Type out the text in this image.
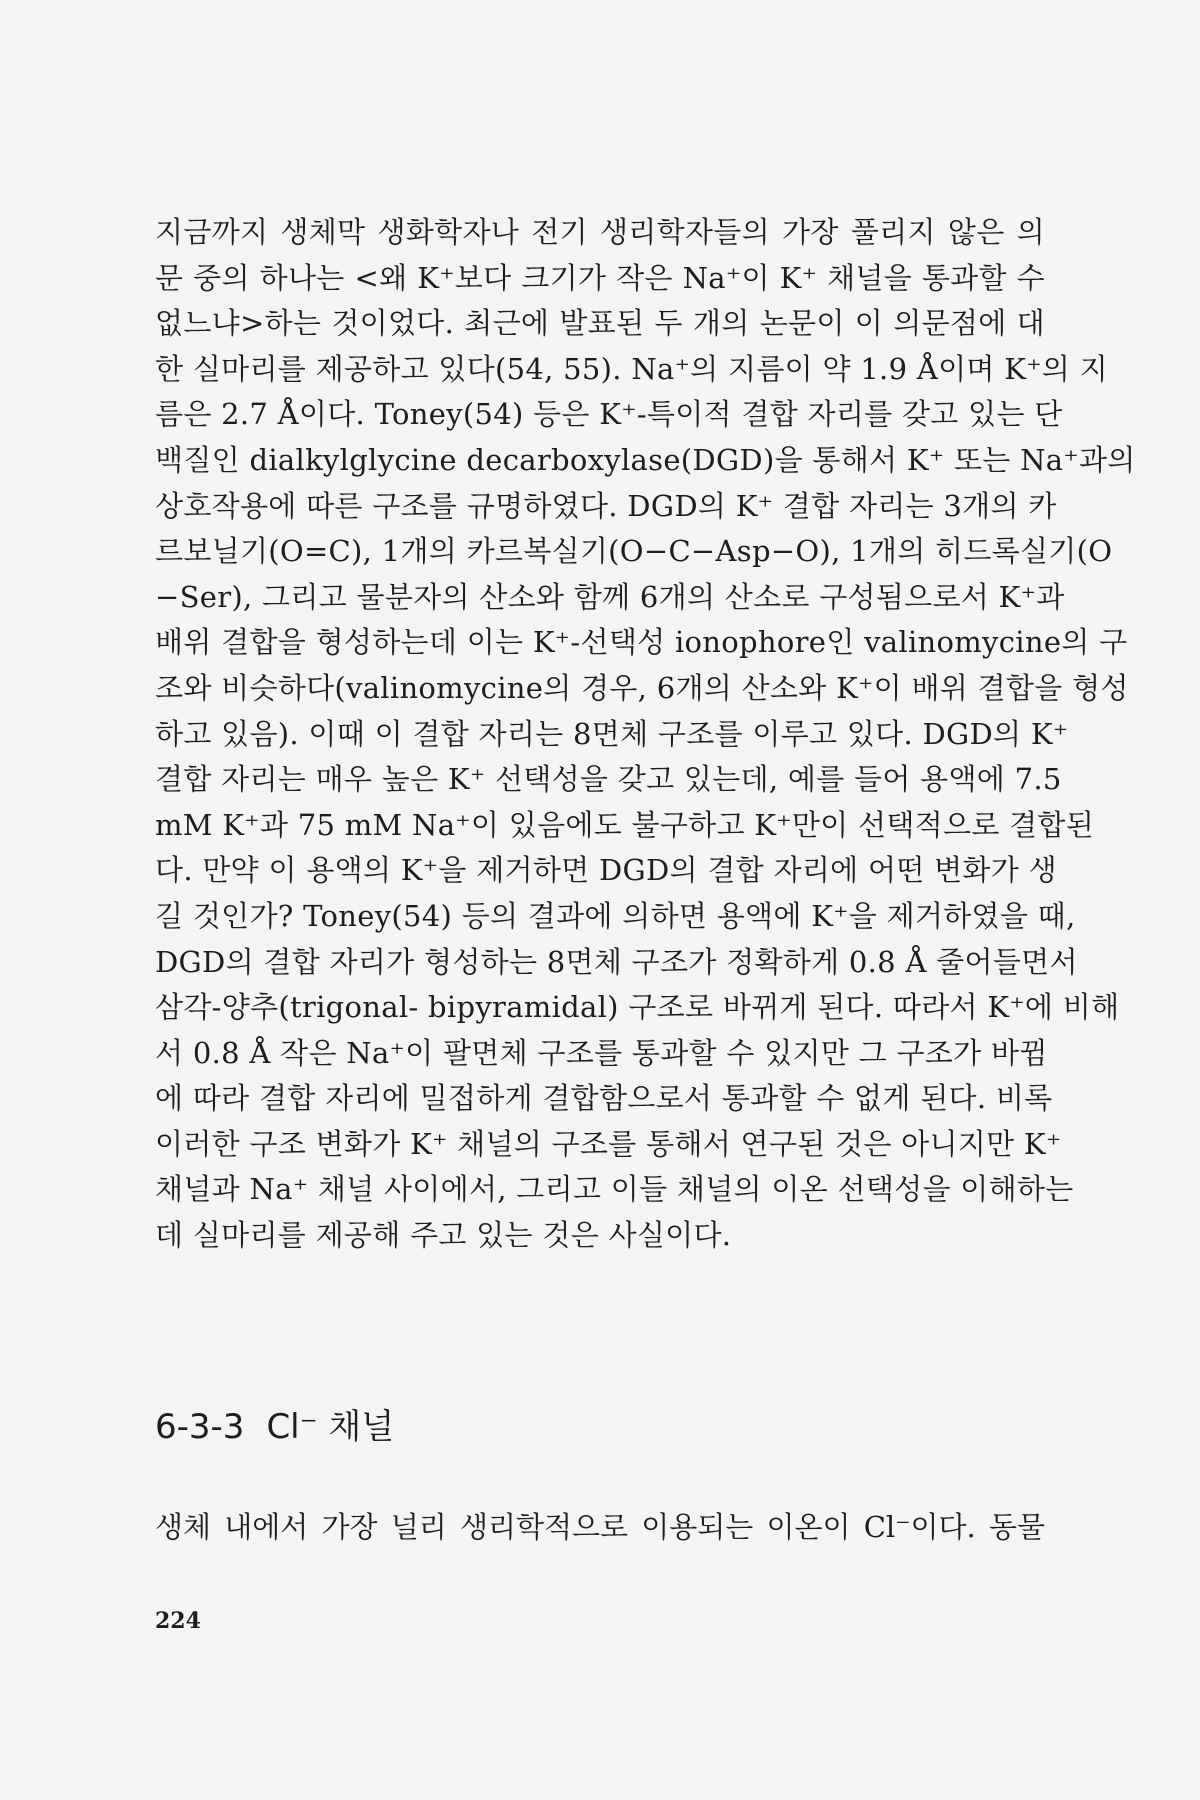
지금까지 생체막 생화학자나 전기 생리학자들의 가장 풀리지 않은 의
문 중의 하나는 <왜 K⁺보다 크기가 작은 Na⁺이 K⁺ 채널을 통과할 수
없느냐>하는 것이었다. 최근에 발표된 두 개의 논문이 이 의문점에 대
한 실마리를 제공하고 있다(54, 55). Na⁺의 지름이 약 1.9 Å이며 K⁺의 지
름은 2.7 Å이다. Toney(54) 등은 K⁺-특이적 결합 자리를 갖고 있는 단
백질인 dialkylglycine decarboxylase(DGD)을 통해서 K⁺ 또는 Na⁺과의
상호작용에 따른 구조를 규명하였다. DGD의 K⁺ 결합 자리는 3개의 카
르보닐기(O=C), 1개의 카르복실기(O−C−Asp−O), 1개의 히드록실기(O
−Ser), 그리고 물분자의 산소와 함께 6개의 산소로 구성됨으로서 K⁺과
배위 결합을 형성하는데 이는 K⁺-선택성 ionophore인 valinomycine의 구
조와 비슷하다(valinomycine의 경우, 6개의 산소와 K⁺이 배위 결합을 형성
하고 있음). 이때 이 결합 자리는 8면체 구조를 이루고 있다. DGD의 K⁺
결합 자리는 매우 높은 K⁺ 선택성을 갖고 있는데, 예를 들어 용액에 7.5
mM K⁺과 75 mM Na⁺이 있음에도 불구하고 K⁺만이 선택적으로 결합된
다. 만약 이 용액의 K⁺을 제거하면 DGD의 결합 자리에 어떤 변화가 생
길 것인가? Toney(54) 등의 결과에 의하면 용액에 K⁺을 제거하였을 때,
DGD의 결합 자리가 형성하는 8면체 구조가 정확하게 0.8 Å 줄어들면서
삼각-양추(trigonal- bipyramidal) 구조로 바뀌게 된다. 따라서 K⁺에 비해
서 0.8 Å 작은 Na⁺이 팔면체 구조를 통과할 수 있지만 그 구조가 바뀜
에 따라 결합 자리에 밀접하게 결합함으로서 통과할 수 없게 된다. 비록
이러한 구조 변화가 K⁺ 채널의 구조를 통해서 연구된 것은 아니지만 K⁺
채널과 Na⁺ 채널 사이에서, 그리고 이들 채널의 이온 선택성을 이해하는
데 실마리를 제공해 주고 있는 것은 사실이다.
6-3-3 Cl⁻ 채널
생체 내에서 가장 널리 생리학적으로 이용되는 이온이 Cl⁻이다. 동물
224
